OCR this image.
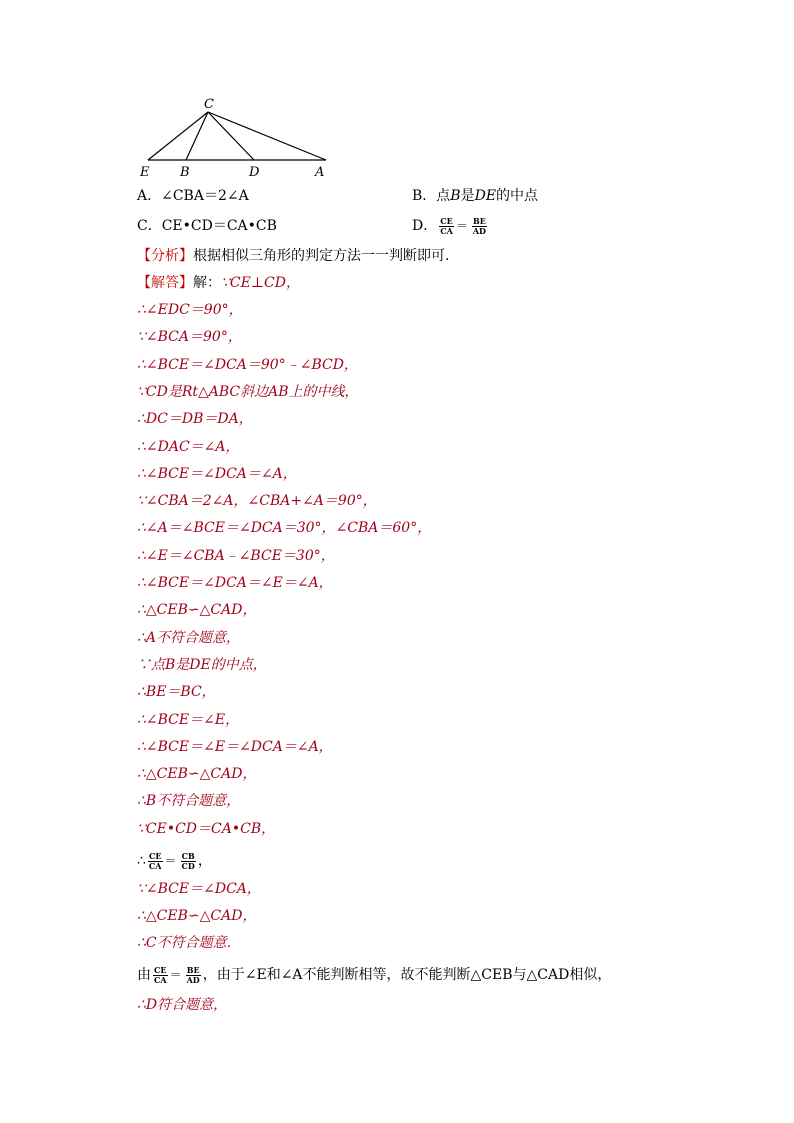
C
E B	D	A
A．∠CBA＝2∠A	B．点B是DE的中点
C．CE•CD＝CA•CB	D． $\frac{CE}{CA} = \frac{BE}{AD}$
【分析】根据相似三角形的判定方法一一判断即可．
【解答】解：∵CE⊥CD，
∴∠EDC＝90°，
∵∠BCA＝90°，
∴∠BCE＝∠DCA＝90°﹣∠BCD，
∵CD是Rt△ABC斜边AB上的中线，
∴DC＝DB＝DA，
∴∠DAC＝∠A，
∴∠BCE＝∠DCA＝∠A，
∵∠CBA＝2∠A，∠CBA+∠A＝90°，
∴∠A＝∠BCE＝∠DCA＝30°，∠CBA＝60°，
∴∠E＝∠CBA﹣∠BCE＝30°，
∴∠BCE＝∠DCA＝∠E＝∠A，
∴△CEB∽△CAD，
∴A不符合题意，
∵点B是DE的中点，
∴BE＝BC，
∴∠BCE＝∠E，
∴∠BCE＝∠E＝∠DCA＝∠A，
∴△CEB∽△CAD，
∴B不符合题意，
∵CE•CD＝CA•CB，
∴ $\frac{CE}{CA} = \frac{CB}{CD}$ ，
∵∠BCE＝∠DCA，
∴△CEB∽△CAD，
∴C不符合题意．
由 $\frac{CE}{CA} = \frac{BE}{AD}$ ，由于∠E和∠A不能判断相等，故不能判断△CEB与△CAD相似，
∴D符合题意，
